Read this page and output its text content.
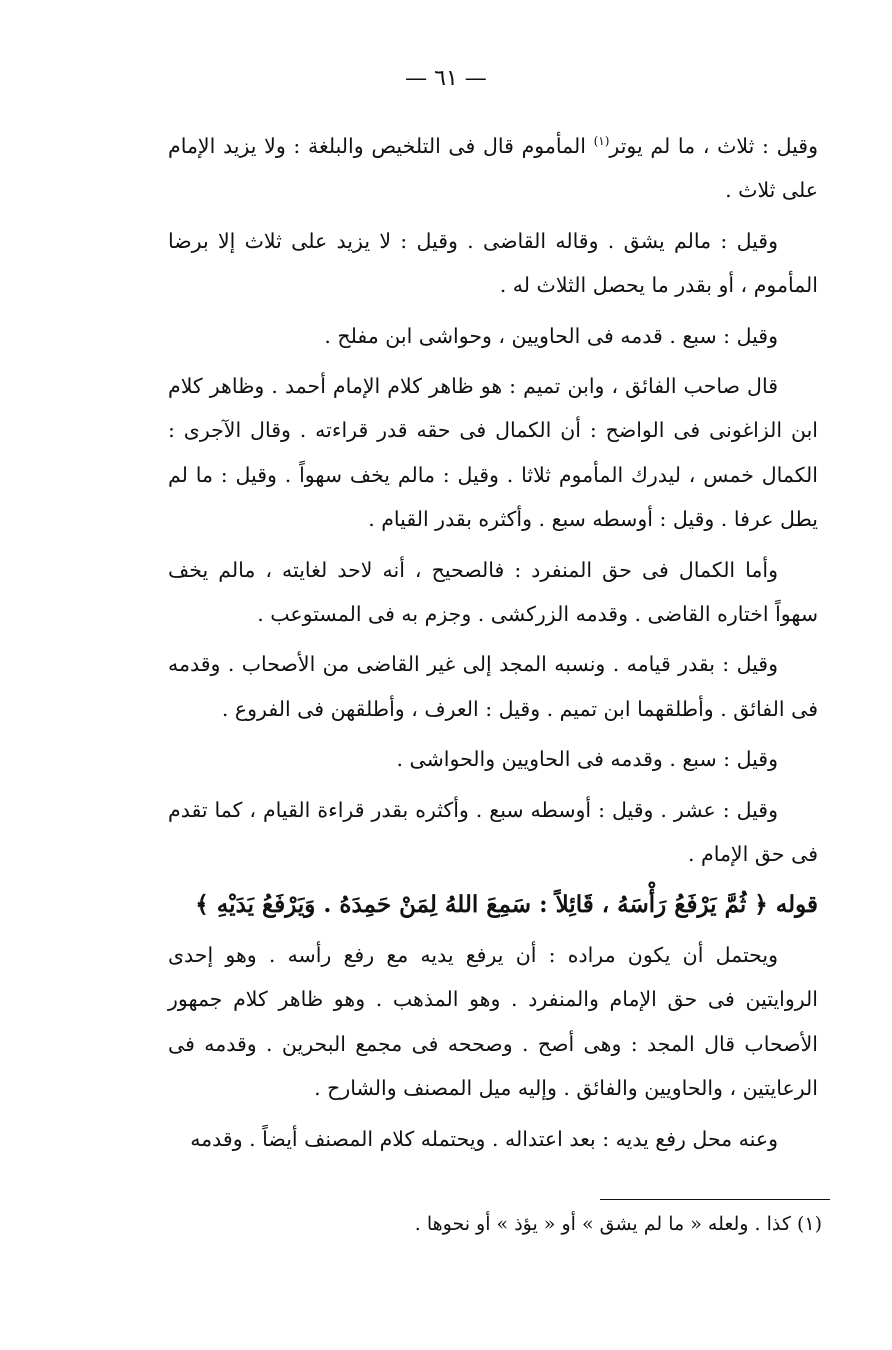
— ٦١ —

وقيل : ثلاث ، ما لم يوتر$^{(١)}$ المأموم قال فى التلخيص والبلغة : ولا يزيد الإمام على ثلاث .

وقيل : مالم يشق . وقاله القاضى . وقيل : لا يزيد على ثلاث إلا برضا المأموم ، أو بقدر ما يحصل الثلاث له .

وقيل : سبع . قدمه فى الحاويين ، وحواشى ابن مفلح .

قال صاحب الفائق ، وابن تميم : هو ظاهر كلام الإمام أحمد . وظاهر كلام ابن الزاغونى فى الواضح : أن الكمال فى حقه قدر قراءته . وقال الآجرى : الكمال خمس ، ليدرك المأموم ثلاثا . وقيل : مالم يخف سهواً . وقيل : ما لم يطل عرفا . وقيل : أوسطه سبع . وأكثره بقدر القيام .

وأما الكمال فى حق المنفرد : فالصحيح ، أنه لاحد لغايته ، مالم يخف سهواً اختاره القاضى . وقدمه الزركشى . وجزم به فى المستوعب .

وقيل : بقدر قيامه . ونسبه المجد إلى غير القاضى من الأصحاب . وقدمه فى الفائق . وأطلقهما ابن تميم . وقيل : العرف ، وأطلقهن فى الفروع .

وقيل : سبع . وقدمه فى الحاويين والحواشى .

وقيل : عشر . وقيل : أوسطه سبع . وأكثره بقدر قراءة القيام ، كما تقدم فى حق الإمام .

قوله ﴿ ثُمَّ يَرْفَعُ رَأْسَهُ ، قَائِلاً : سَمِعَ اللهُ لِمَنْ حَمِدَهُ . وَيَرْفَعُ يَدَيْهِ ﴾

ويحتمل أن يكون مراده : أن يرفع يديه مع رفع رأسه . وهو إحدى الروايتين فى حق الإمام والمنفرد . وهو المذهب . وهو ظاهر كلام جمهور الأصحاب قال المجد : وهى أصح . وصححه فى مجمع البحرين . وقدمه فى الرعايتين ، والحاويين والفائق . وإليه ميل المصنف والشارح .

وعنه محل رفع يديه : بعد اعتداله . ويحتمله كلام المصنف أيضاً . وقدمه

(١) كذا . ولعله « ما لم يشق » أو « يؤذ » أو نحوها .
